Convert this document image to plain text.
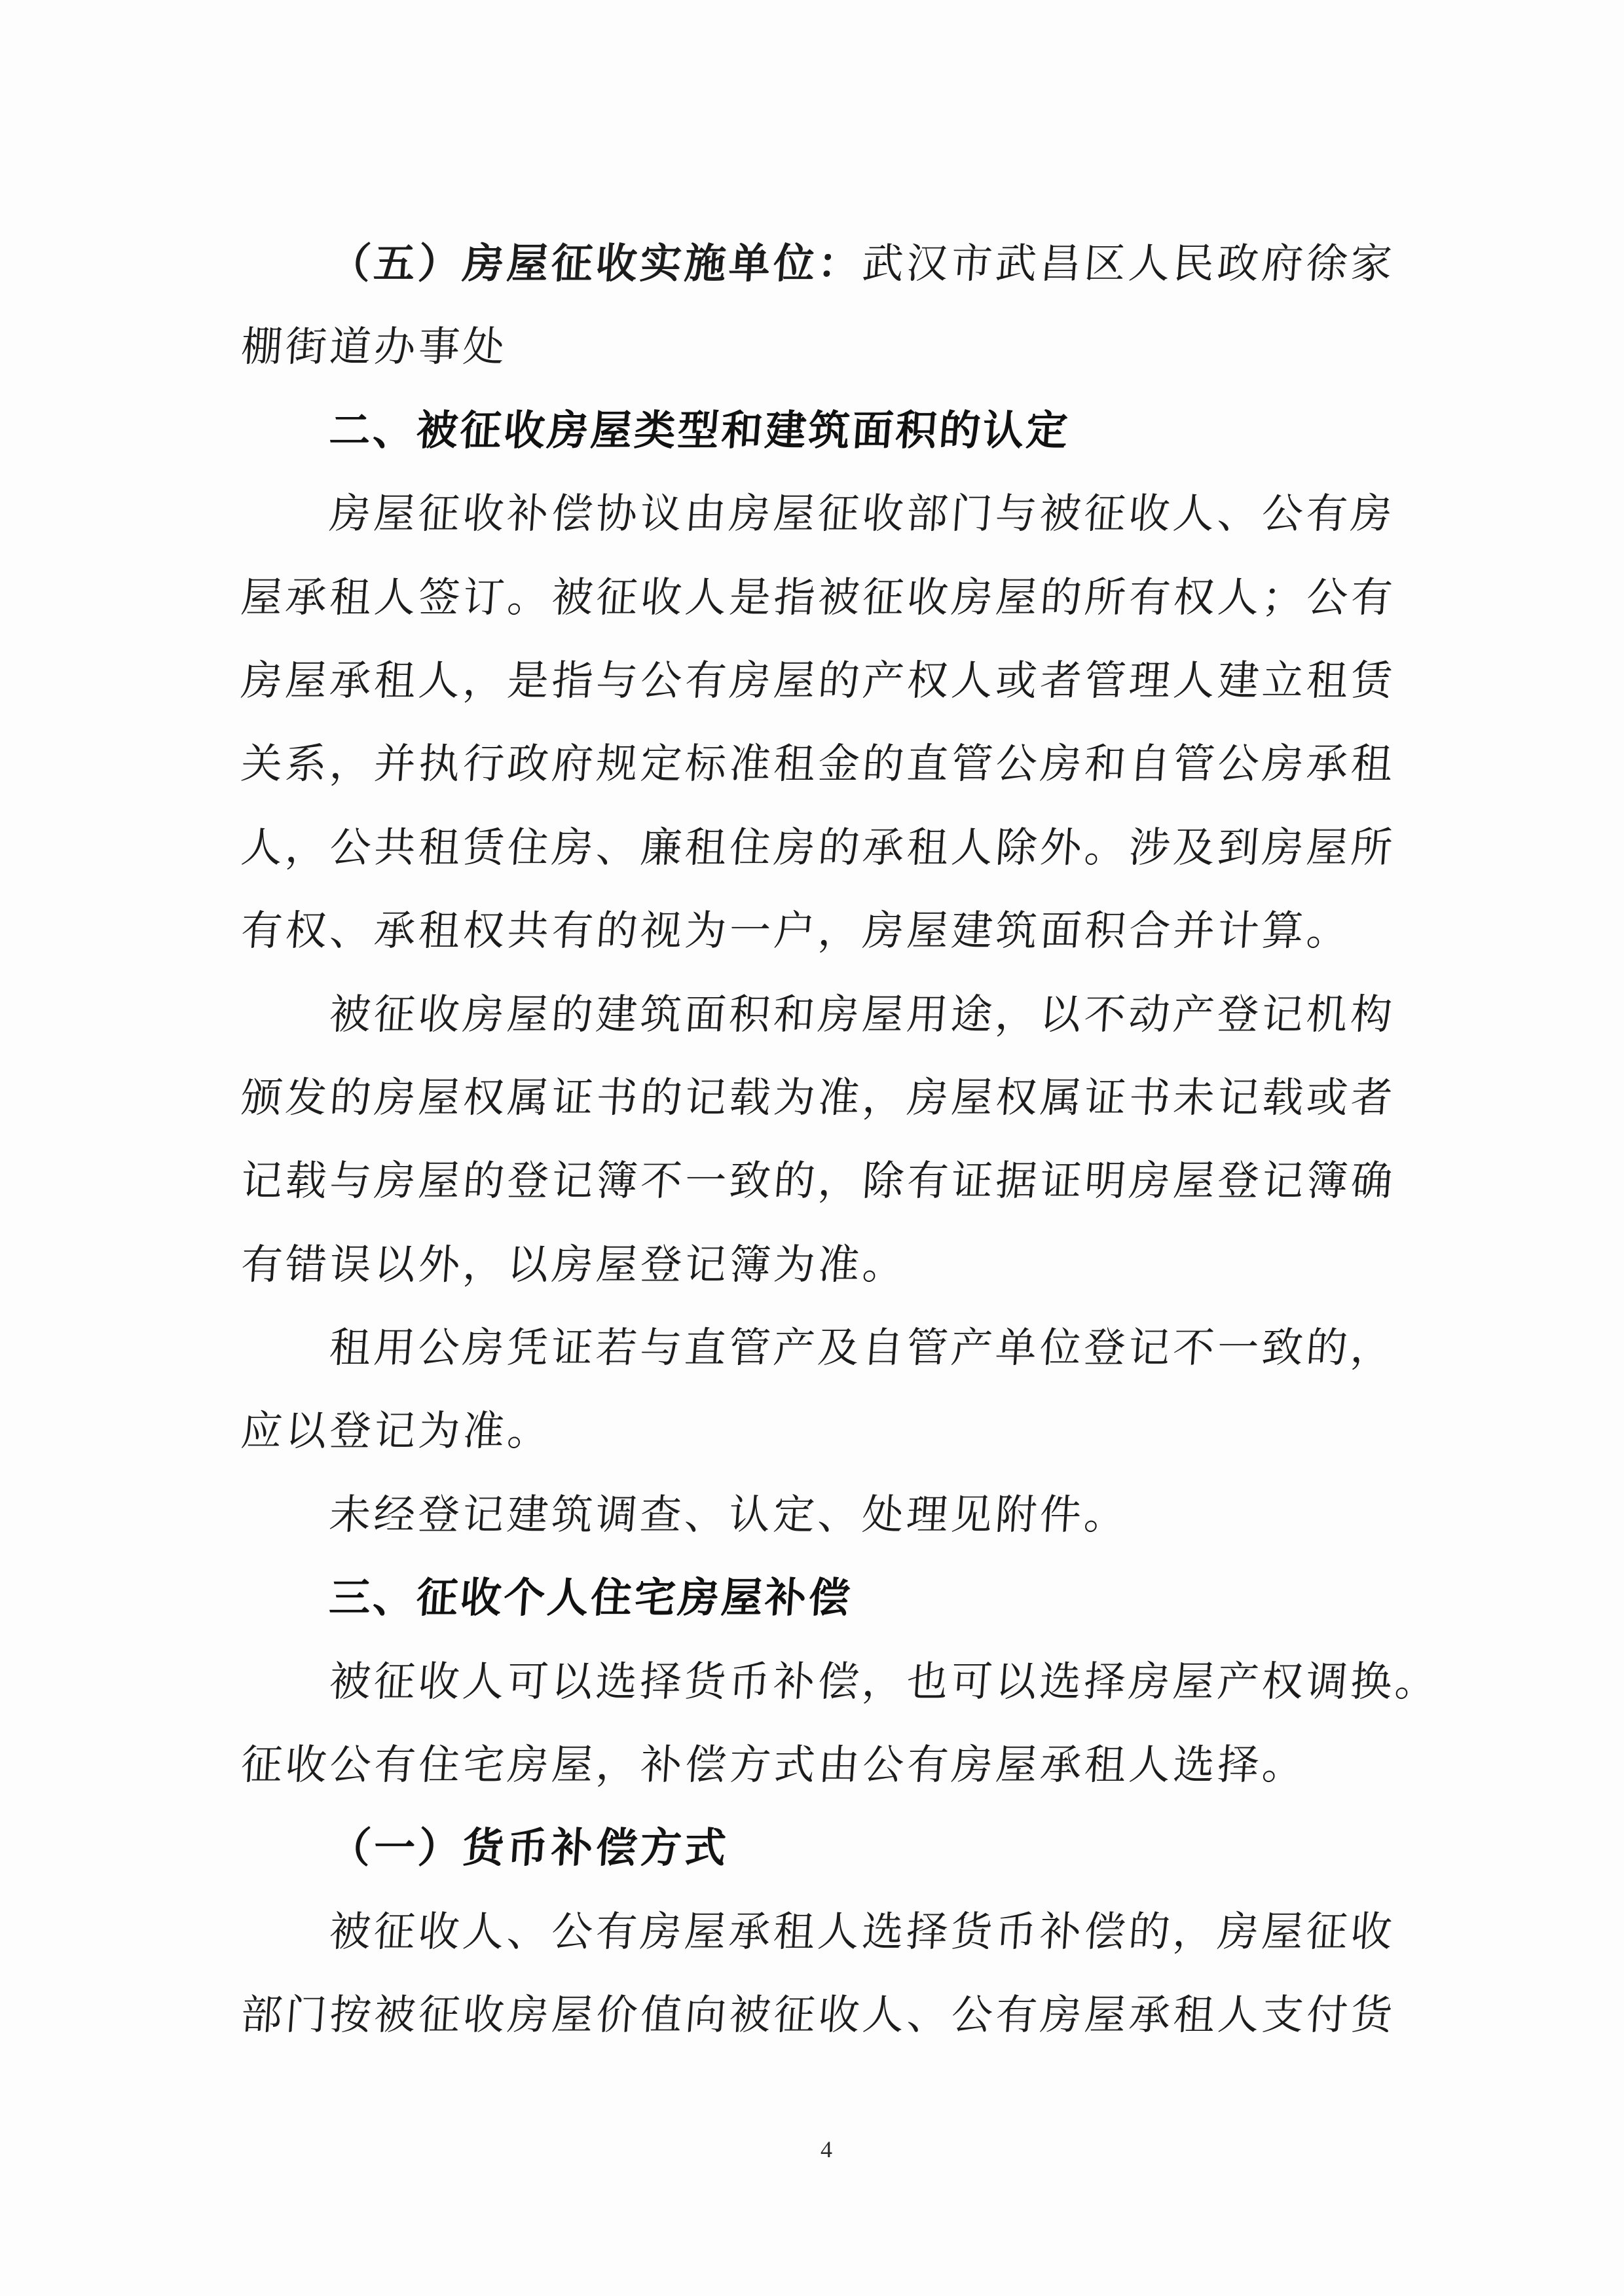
（五）房屋征收实施单位：武汉市武昌区人民政府徐家
棚街道办事处
二、被征收房屋类型和建筑面积的认定
房屋征收补偿协议由房屋征收部门与被征收人、公有房
屋承租人签订。被征收人是指被征收房屋的所有权人；公有
房屋承租人，是指与公有房屋的产权人或者管理人建立租赁
关系，并执行政府规定标准租金的直管公房和自管公房承租
人，公共租赁住房、廉租住房的承租人除外。涉及到房屋所
有权、承租权共有的视为一户，房屋建筑面积合并计算。
被征收房屋的建筑面积和房屋用途，以不动产登记机构
颁发的房屋权属证书的记载为准，房屋权属证书未记载或者
记载与房屋的登记簿不一致的，除有证据证明房屋登记簿确
有错误以外，以房屋登记簿为准。
租用公房凭证若与直管产及自管产单位登记不一致的，
应以登记为准。
未经登记建筑调查、认定、处理见附件。
三、征收个人住宅房屋补偿
被征收人可以选择货币补偿，也可以选择房屋产权调换。
征收公有住宅房屋，补偿方式由公有房屋承租人选择。
（一）货币补偿方式
被征收人、公有房屋承租人选择货币补偿的，房屋征收
部门按被征收房屋价值向被征收人、公有房屋承租人支付货
4
